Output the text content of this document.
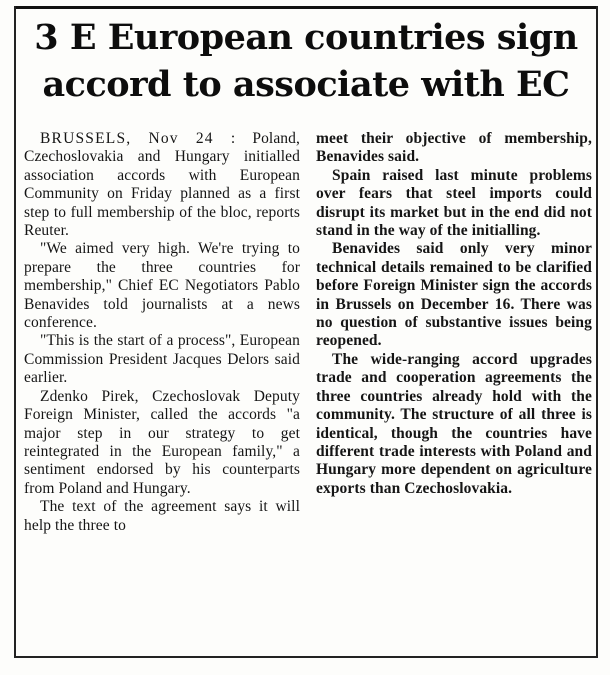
3 E European countries sign
accord to associate with EC

BRUSSELS, Nov 24 : Poland, Czechoslovakia and Hungary initialled association accords with European Community on Friday planned as a first step to full membership of the bloc, reports Reuter.

"We aimed very high. We're trying to prepare the three countries for membership," Chief EC Negotiators Pablo Benavides told journalists at a news conference.

"This is the start of a process", European Commission President Jacques Delors said earlier.

Zdenko Pirek, Czechoslovak Deputy Foreign Minister, called the accords "a major step in our strategy to get reintegrated in the European family," a sentiment endorsed by his counterparts from Poland and Hungary.

The text of the agreement says it will help the three to

meet their objective of membership, Benavides said.

Spain raised last minute problems over fears that steel imports could disrupt its market but in the end did not stand in the way of the initialling.

Benavides said only very minor technical details remained to be clarified before Foreign Minister sign the accords in Brussels on December 16. There was no question of substantive issues being reopened.

The wide-ranging accord upgrades trade and cooperation agreements the three countries already hold with the community. The structure of all three is identical, though the countries have different trade interests with Poland and Hungary more dependent on agriculture exports than Czechoslovakia.
